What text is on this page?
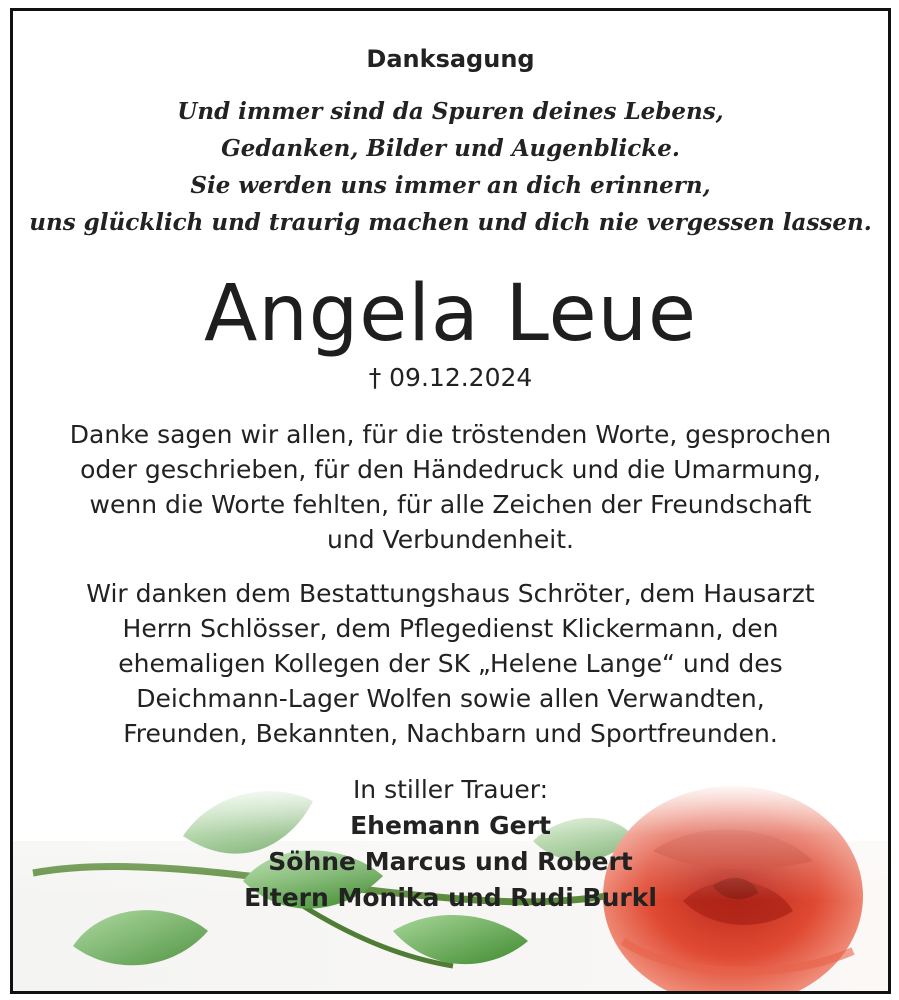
Danksagung
Und immer sind da Spuren deines Lebens,
Gedanken, Bilder und Augenblicke.
Sie werden uns immer an dich erinnern,
uns glücklich und traurig machen und dich nie vergessen lassen.
Angela Leue
† 09.12.2024
Danke sagen wir allen, für die tröstenden Worte, gesprochen
oder geschrieben, für den Händedruck und die Umarmung,
wenn die Worte fehlten, für alle Zeichen der Freundschaft
und Verbundenheit.
Wir danken dem Bestattungshaus Schröter, dem Hausarzt
Herrn Schlösser, dem Pflegedienst Klickermann, den
ehemaligen Kollegen der SK „Helene Lange“ und des
Deichmann-Lager Wolfen sowie allen Verwandten,
Freunden, Bekannten, Nachbarn und Sportfreunden.
In stiller Trauer:
Ehemann Gert
Söhne Marcus und Robert
Eltern Monika und Rudi Burkl
